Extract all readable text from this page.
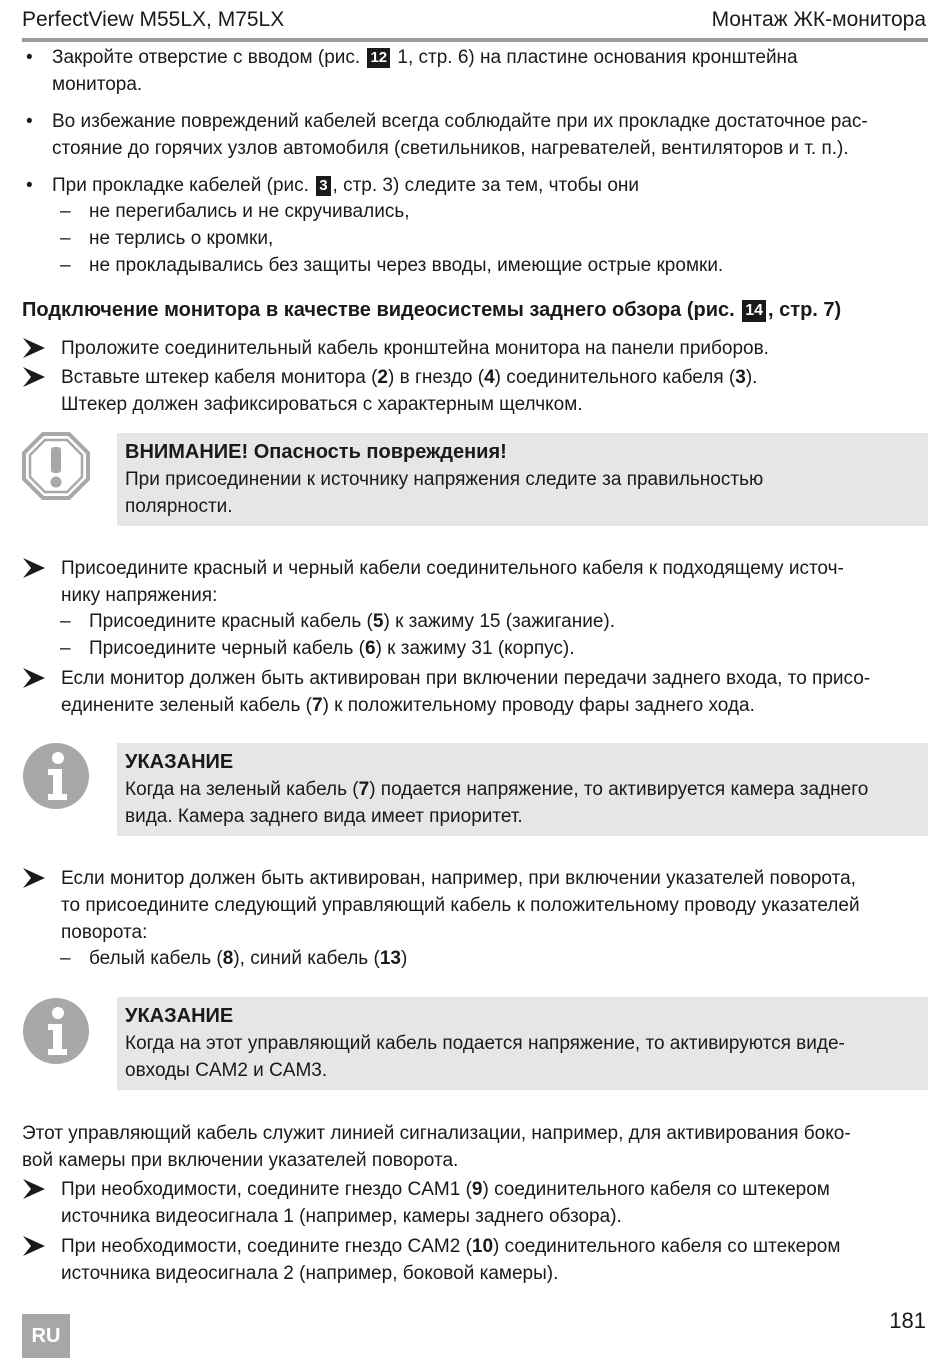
PerfectView M55LX, M75LX	Монтаж ЖК-монитора
• Закройте отверстие с вводом (рис. 12 1, стр. 6) на пластине основания кронштейна
монитора.
• Во избежание повреждений кабелей всегда соблюдайте при их прокладке достаточное рас-
стояние до горячих узлов автомобиля (светильников, нагревателей, вентиляторов и т. п.).
• При прокладке кабелей (рис. 3 , стр. 3) следите за тем, чтобы они
– не перегибались и не скручивались,
– не терлись о кромки,
– не прокладывались без защиты через вводы, имеющие острые кромки.
Подключение монитора в качестве видеосистемы заднего обзора (рис. 14 , стр. 7)
Проложите соединительный кабель кронштейна монитора на панели приборов.
Вставьте штекер кабеля монитора (2) в гнездо (4) соединительного кабеля (3).
Штекер должен зафиксироваться с характерным щелчком.
ВНИМАНИЕ! Опасность повреждения!
При присоединении к источнику напряжения следите за правильностью
полярности.
Присоедините красный и черный кабели соединительного кабеля к подходящему источ-
нику напряжения:
– Присоедините красный кабель (5) к зажиму 15 (зажигание).
– Присоедините черный кабель (6) к зажиму 31 (корпус).
Если монитор должен быть активирован при включении передачи заднего входа, то присо-
единените зеленый кабель (7) к положительному проводу фары заднего хода.
УКАЗАНИЕ
Когда на зеленый кабель (7) подается напряжение, то активируется камера заднего
вида. Камера заднего вида имеет приоритет.
Если монитор должен быть активирован, например, при включении указателей поворота,
то присоедините следующий управляющий кабель к положительному проводу указателей
поворота:
– белый кабель (8), синий кабель (13)
УКАЗАНИЕ
Когда на этот управляющий кабель подается напряжение, то активируются виде-
овходы CAM2 и CAM3.
Этот управляющий кабель служит линией сигнализации, например, для активирования боко-
вой камеры при включении указателей поворота.
При необходимости, соедините гнездо CAM1 (9) соединительного кабеля со штекером
источника видеосигнала 1 (например, камеры заднего обзора).
При необходимости, соедините гнездо CAM2 (10) соединительного кабеля со штекером
источника видеосигнала 2 (например, боковой камеры).
RU
181
